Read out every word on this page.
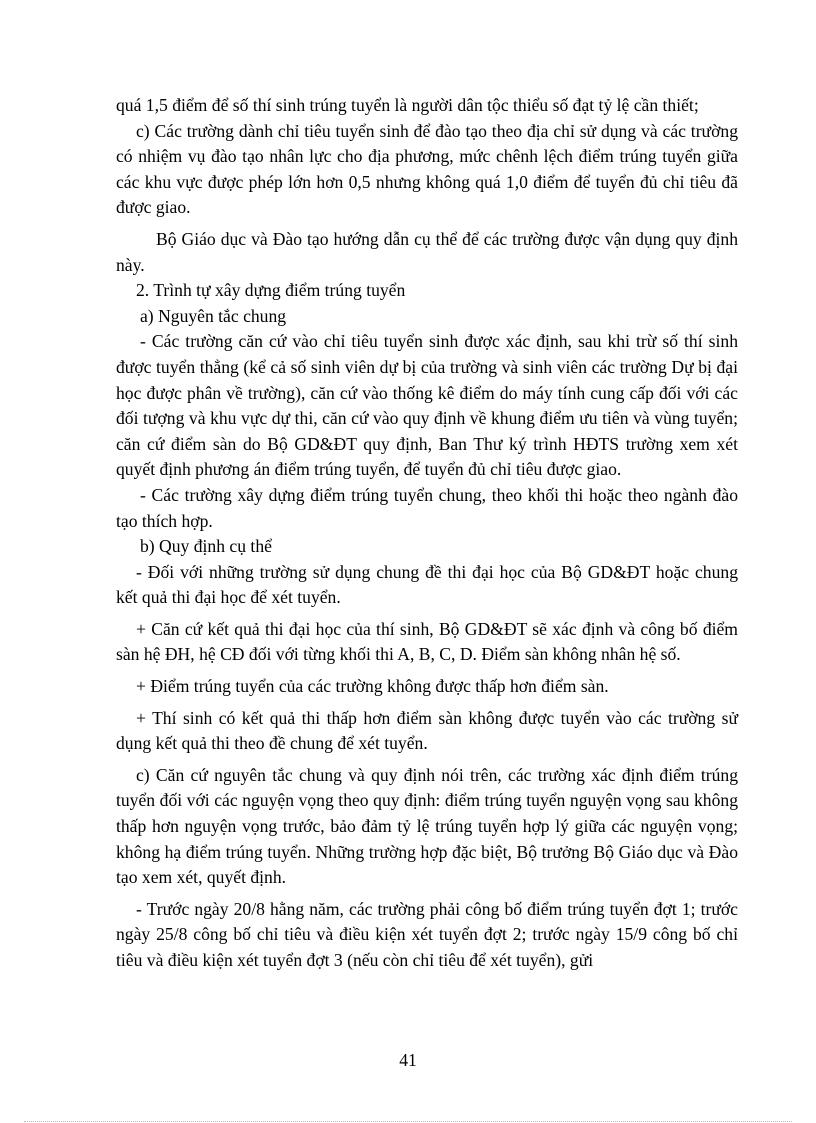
quá 1,5 điểm để số thí sinh trúng tuyển là người dân tộc thiểu số đạt tỷ lệ cần thiết;

c) Các trường dành chỉ tiêu tuyển sinh để đào tạo theo địa chỉ sử dụng và các trường có nhiệm vụ đào tạo nhân lực cho địa phương, mức chênh lệch điểm trúng tuyển giữa các khu vực được phép lớn hơn 0,5 nhưng không quá 1,0 điểm để tuyển đủ chỉ tiêu đã được giao.

Bộ Giáo dục và Đào tạo hướng dẫn cụ thể để các trường được vận dụng quy định này.

2. Trình tự xây dựng điểm trúng tuyển

a) Nguyên tắc chung

- Các trường căn cứ vào chỉ tiêu tuyển sinh được xác định, sau khi trừ số thí sinh được tuyển thẳng (kể cả số sinh viên dự bị của trường và sinh viên các trường Dự bị đại học được phân về trường), căn cứ vào thống kê điểm do máy tính cung cấp đối với các đối tượng và khu vực dự thi, căn cứ vào quy định về khung điểm ưu tiên và vùng tuyển; căn cứ điểm sàn do Bộ GD&ĐT quy định, Ban Thư ký trình HĐTS trường xem xét quyết định phương án điểm trúng tuyển, để tuyển đủ chỉ tiêu được giao.

- Các trường xây dựng điểm trúng tuyển chung, theo khối thi hoặc theo ngành đào tạo thích hợp.

b) Quy định cụ thể

- Đối với những trường sử dụng chung đề thi đại học của Bộ GD&ĐT hoặc chung kết quả thi đại học để xét tuyển.

+ Căn cứ kết quả thi đại học của thí sinh, Bộ GD&ĐT sẽ xác định và công bố điểm sàn hệ ĐH, hệ CĐ đối với từng khối thi A, B, C, D. Điểm sàn không nhân hệ số.

+ Điểm trúng tuyển của các trường không được thấp hơn điểm sàn.

+ Thí sinh có kết quả thi thấp hơn điểm sàn không được tuyển vào các trường sử dụng kết quả thi theo đề chung để xét tuyển.

c) Căn cứ nguyên tắc chung và quy định nói trên, các trường xác định điểm trúng tuyển đối với các nguyện vọng theo quy định: điểm trúng tuyển nguyện vọng sau không thấp hơn nguyện vọng trước, bảo đảm tỷ lệ trúng tuyển hợp lý giữa các nguyện vọng; không hạ điểm trúng tuyển. Những trường hợp đặc biệt, Bộ trưởng Bộ Giáo dục và Đào tạo xem xét, quyết định.

- Trước ngày 20/8 hằng năm, các trường phải công bố điểm trúng tuyển đợt 1; trước ngày 25/8 công bố chỉ tiêu và điều kiện xét tuyển đợt 2; trước ngày 15/9 công bố chỉ tiêu và điều kiện xét tuyển đợt 3 (nếu còn chỉ tiêu để xét tuyển), gửi

41
